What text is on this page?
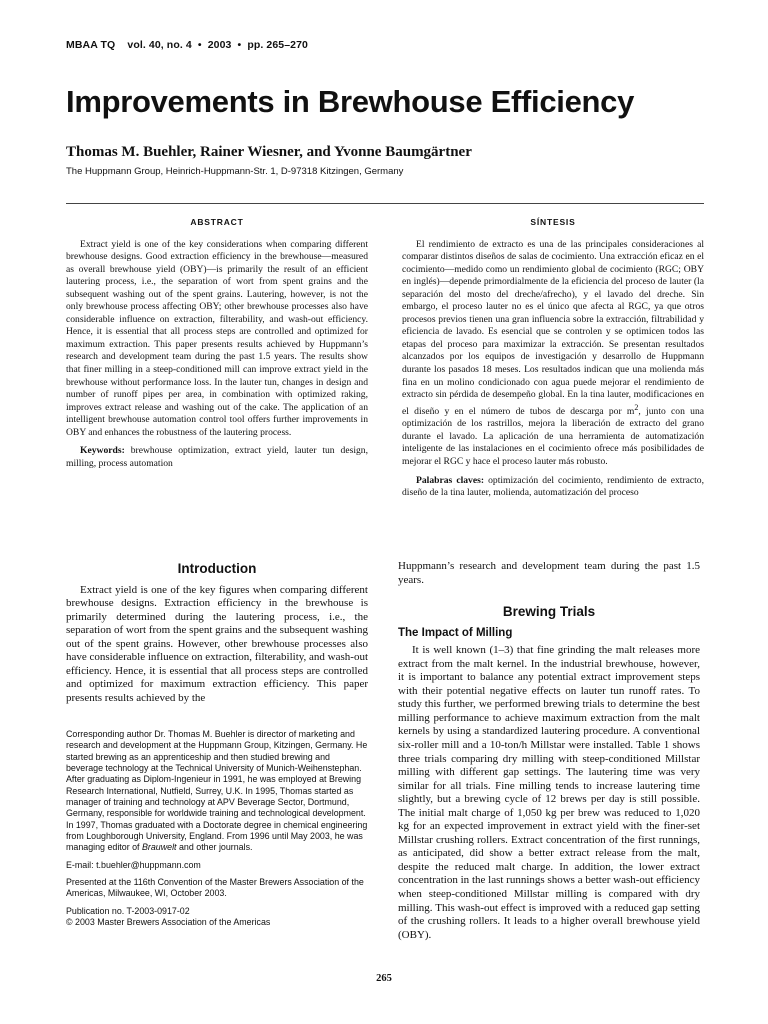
MBAA TQ vol. 40, no. 4 • 2003 • pp. 265–270
Improvements in Brewhouse Efficiency
Thomas M. Buehler, Rainer Wiesner, and Yvonne Baumgärtner
The Huppmann Group, Heinrich-Huppmann-Str. 1, D-97318 Kitzingen, Germany
ABSTRACT

Extract yield is one of the key considerations when comparing different brewhouse designs. Good extraction efficiency in the brewhouse—measured as overall brewhouse yield (OBY)—is primarily the result of an efficient lautering process, i.e., the separation of wort from spent grains and the subsequent washing out of the spent grains. Lautering, however, is not the only brewhouse process affecting OBY; other brewhouse processes also have considerable influence on extraction, filterability, and wash-out efficiency. Hence, it is essential that all process steps are controlled and optimized for maximum extraction. This paper presents results achieved by Huppmann’s research and development team during the past 1.5 years. The results show that finer milling in a steep-conditioned mill can improve extract yield in the brewhouse without performance loss. In the lauter tun, changes in design and number of runoff pipes per area, in combination with optimized raking, improves extract release and washing out of the cake. The application of an intelligent brewhouse automation control tool offers further improvements in OBY and enhances the robustness of the lautering process.

Keywords: brewhouse optimization, extract yield, lauter tun design, milling, process automation

SÍNTESIS

El rendimiento de extracto es una de las principales consideraciones al comparar distintos diseños de salas de cocimiento. Una extracción eficaz en el cocimiento—medido como un rendimiento global de cocimiento (RGC; OBY en inglés)—depende primordialmente de la eficiencia del proceso de lauter (la separación del mosto del dreche/afrecho), y el lavado del dreche. Sin embargo, el proceso lauter no es el único que afecta al RGC, ya que otros procesos previos tienen una gran influencia sobre la extracción, filtrabilidad y eficiencia de lavado. Es esencial que se controlen y se optimicen todos las etapas del proceso para maximizar la extracción. Se presentan resultados alcanzados por los equipos de investigación y desarrollo de Huppmann durante los pasados 18 meses. Los resultados indican que una molienda más fina en un molino condicionado con agua puede mejorar el rendimiento de extracto sin pérdida de desempeño global. En la tina lauter, modificaciones en el diseño y en el número de tubos de descarga por $m^2$, junto con una optimización de los rastrillos, mejora la liberación de extracto del grano durante el lavado. La aplicación de una herramienta de automatización inteligente de las instalaciones en el cocimiento ofrece más posibilidades de mejorar el RGC y hace el proceso lauter más robusto.

Palabras claves: optimización del cocimiento, rendimiento de extracto, diseño de la tina lauter, molienda, automatización del proceso

Introduction

Extract yield is one of the key figures when comparing different brewhouse designs. Extraction efficiency in the brewhouse is primarily determined during the lautering process, i.e., the separation of wort from the spent grains and the subsequent washing out of the spent grains. However, other brewhouse processes also have considerable influence on extraction, filterability, and wash-out efficiency. Hence, it is essential that all process steps are controlled and optimized for maximum extraction efficiency. This paper presents results achieved by the

Corresponding author Dr. Thomas M. Buehler is director of marketing and research and development at the Huppmann Group, Kitzingen, Germany. He started brewing as an apprenticeship and then studied brewing and beverage technology at the Technical University of Munich-Weihenstephan. After graduating as Diplom-Ingenieur in 1991, he was employed at Brewing Research International, Nutfield, Surrey, U.K. In 1995, Thomas started as manager of training and technology at APV Beverage Sector, Dortmund, Germany, responsible for worldwide training and technological development. In 1997, Thomas graduated with a Doctorate degree in chemical engineering from Loughborough University, England. From 1996 until May 2003, he was managing editor of Brauwelt and other journals.

E-mail: t.buehler@huppmann.com

Presented at the 116th Convention of the Master Brewers Association of the Americas, Milwaukee, WI, October 2003.

Publication no. T-2003-0917-02

© 2003 Master Brewers Association of the Americas

Huppmann’s research and development team during the past 1.5 years.

Brewing Trials
The Impact of Milling

It is well known (1–3) that fine grinding the malt releases more extract from the malt kernel. In the industrial brewhouse, however, it is important to balance any potential extract improvement steps with their potential negative effects on lauter tun runoff rates. To study this further, we performed brewing trials to determine the best milling performance to achieve maximum extraction from the malt kernels by using a standardized lautering procedure. A conventional six-roller mill and a 10-ton/h Millstar were installed. Table 1 shows three trials comparing dry milling with steep-conditioned Millstar milling with different gap settings. The lautering time was very similar for all trials. Fine milling tends to increase lautering time slightly, but a brewing cycle of 12 brews per day is still possible. The initial malt charge of 1,050 kg per brew was reduced to 1,020 kg for an expected improvement in extract yield with the finer-set Millstar crushing rollers. Extract concentration of the first runnings, as anticipated, did show a better extract release from the malt, despite the reduced malt charge. In addition, the lower extract concentration in the last runnings shows a better wash-out efficiency when steep-conditioned Millstar milling is compared with dry milling. This wash-out effect is improved with a reduced gap setting of the crushing rollers. It leads to a higher overall brewhouse yield (OBY).

265
